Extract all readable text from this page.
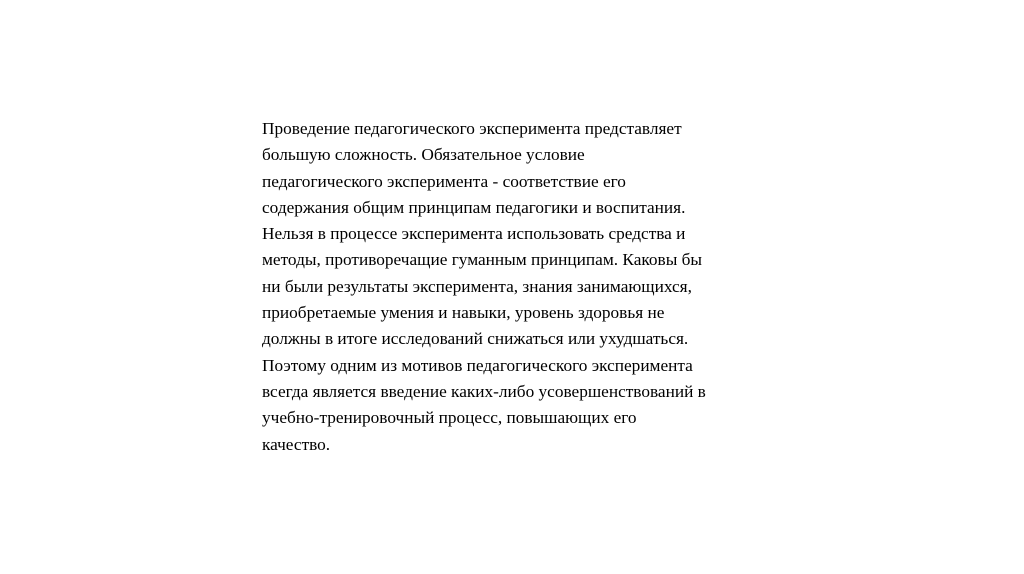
Проведение педагогического эксперимента представляет
большую сложность. Обязательное условие
педагогического эксперимента - соответствие его
содержания общим принципам педагогики и воспитания.
Нельзя в процессе эксперимента использовать средства и
методы, противоречащие гуманным принципам. Каковы бы
ни были результаты эксперимента, знания занимающихся,
приобретаемые умения и навыки, уровень здоровья не
должны в итоге исследований снижаться или ухудшаться.
Поэтому одним из мотивов педагогического эксперимента
всегда является введение каких-либо усовершенствований в
учебно-тренировочный процесс, повышающих его
качество.
